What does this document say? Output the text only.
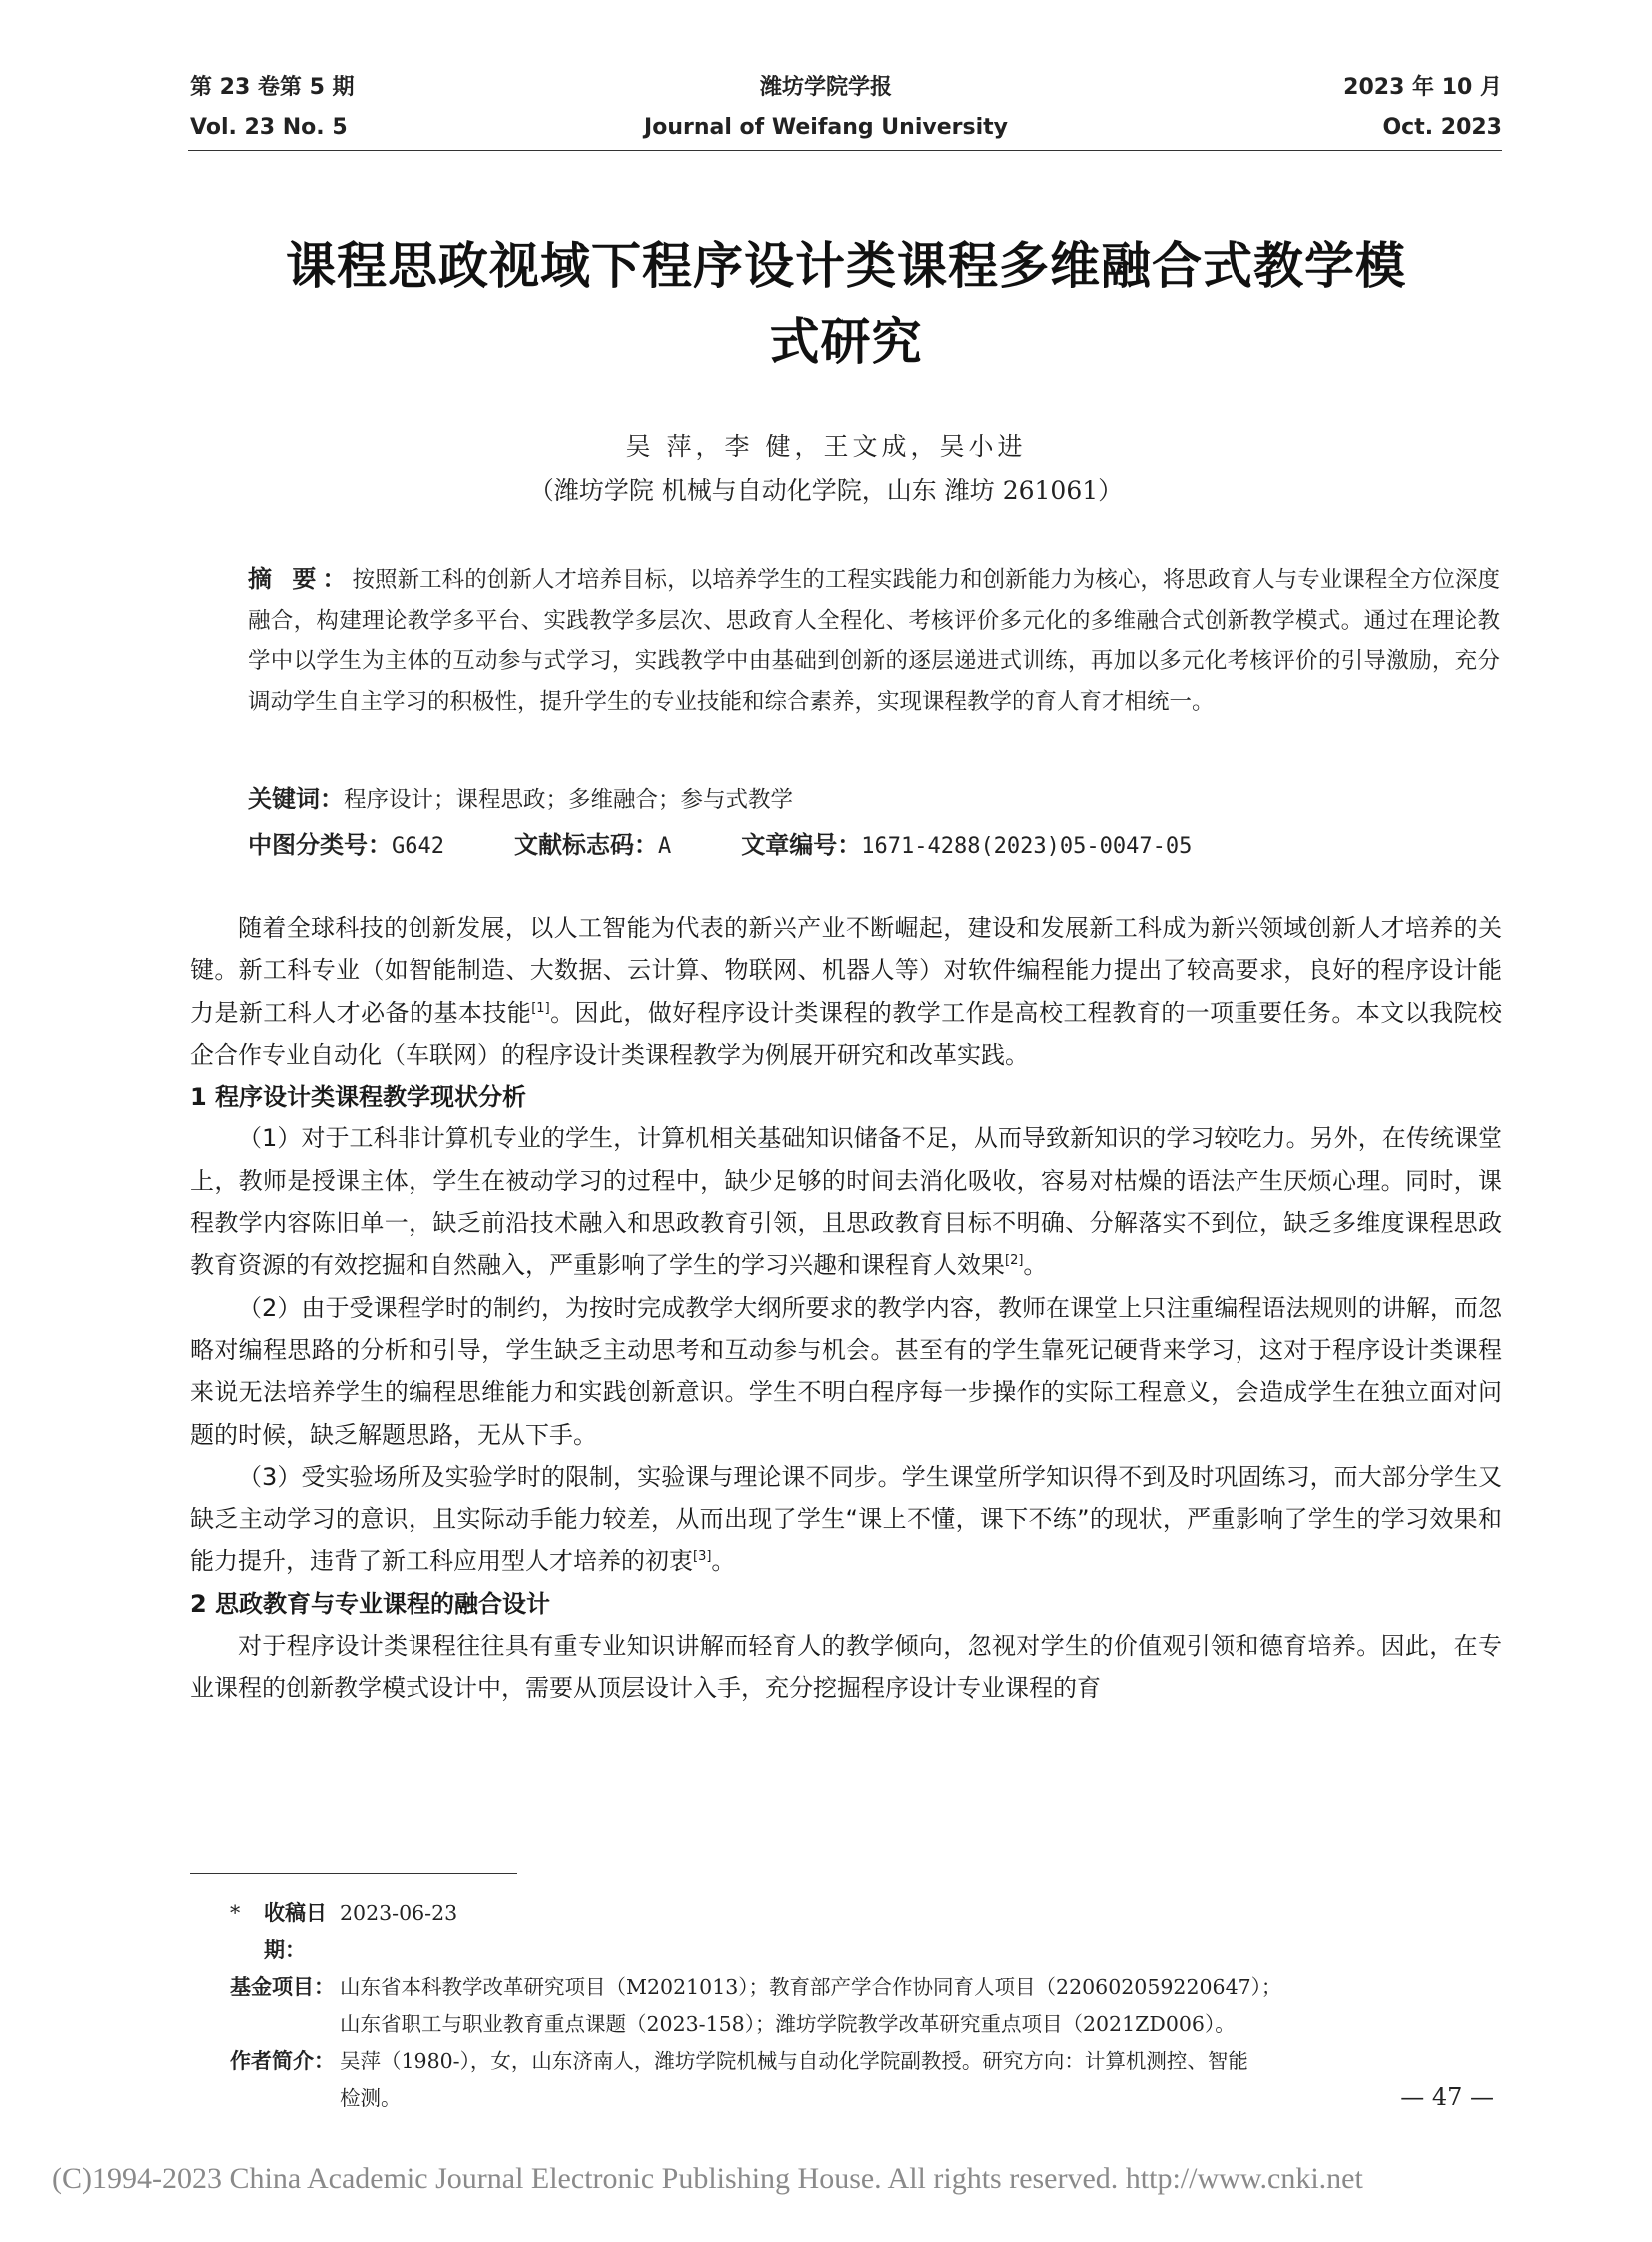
第 23 卷第 5 期
Vol. 23 No. 5
潍坊学院学报
Journal of Weifang University
2023 年 10 月
Oct. 2023
课程思政视域下程序设计类课程多维融合式教学模
式研究
吴 萍，李 健，王文成，吴小进
（潍坊学院 机械与自动化学院，山东 潍坊 261061）
摘 要：按照新工科的创新人才培养目标，以培养学生的工程实践能力和创新能力为核心，将思政育人与专业课程全方位深度融合，构建理论教学多平台、实践教学多层次、思政育人全程化、考核评价多元化的多维融合式创新教学模式。通过在理论教学中以学生为主体的互动参与式学习，实践教学中由基础到创新的逐层递进式训练，再加以多元化考核评价的引导激励，充分调动学生自主学习的积极性，提升学生的专业技能和综合素养，实现课程教学的育人育才相统一。
关键词：程序设计；课程思政；多维融合；参与式教学
中图分类号：G642	文献标志码：A	文章编号：1671-4288(2023)05-0047-05

随着全球科技的创新发展，以人工智能为代表的新兴产业不断崛起，建设和发展新工科成为新兴领域创新人才培养的关键。新工科专业（如智能制造、大数据、云计算、物联网、机器人等）对软件编程能力提出了较高要求，良好的程序设计能力是新工科人才必备的基本技能[1]。因此，做好程序设计类课程的教学工作是高校工程教育的一项重要任务。本文以我院校企合作专业自动化（车联网）的程序设计类课程教学为例展开研究和改革实践。

1 程序设计类课程教学现状分析

（1）对于工科非计算机专业的学生，计算机相关基础知识储备不足，从而导致新知识的学习较吃力。另外，在传统课堂上，教师是授课主体，学生在被动学习的过程中，缺少足够的时间去消化吸收，容易对枯燥的语法产生厌烦心理。同时，课程教学内容陈旧单一，缺乏前沿技术融入和思政教育引领，且思政教育目标不明确、分解落实不到位，缺乏多维度课程思政教育资源的有效挖掘和自然融入，严重影响了学生的学习兴趣和课程育人效果[2]。

（2）由于受课程学时的制约，为按时完成教学大纲所要求的教学内容，教师在课堂上只注重编程语法规则的讲解，而忽略对编程思路的分析和引导，学生缺乏主动思考和互动参与机会。甚至有的学生靠死记硬背来学习，这对于程序设计类课程来说无法培养学生的编程思维能力和实践创新意识。学生不明白程序每一步操作的实际工程意义，会造成学生在独立面对问题的时候，缺乏解题思路，无从下手。

（3）受实验场所及实验学时的限制，实验课与理论课不同步。学生课堂所学知识得不到及时巩固练习，而大部分学生又缺乏主动学习的意识，且实际动手能力较差，从而出现了学生“课上不懂，课下不练”的现状，严重影响了学生的学习效果和能力提升，违背了新工科应用型人才培养的初衷[3]。

2 思政教育与专业课程的融合设计

对于程序设计类课程往往具有重专业知识讲解而轻育人的教学倾向，忽视对学生的价值观引领和德育培养。因此，在专业课程的创新教学模式设计中，需要从顶层设计入手，充分挖掘程序设计专业课程的育

*	收稿日期：
2023-06-23
基金项目： 山东省本科教学改革研究项目（M2021013）；教育部产学合作协同育人项目（220602059220647）；
山东省职工与职业教育重点课题（2023-158）；潍坊学院教学改革研究重点项目（2021ZD006）。
作者简介： 吴萍（1980-），女，山东济南人，潍坊学院机械与自动化学院副教授。研究方向：计算机测控、智能
检测。	— 47 —
(C)1994-2023 China Academic Journal Electronic Publishing House. All rights reserved. http://www.cnki.net
